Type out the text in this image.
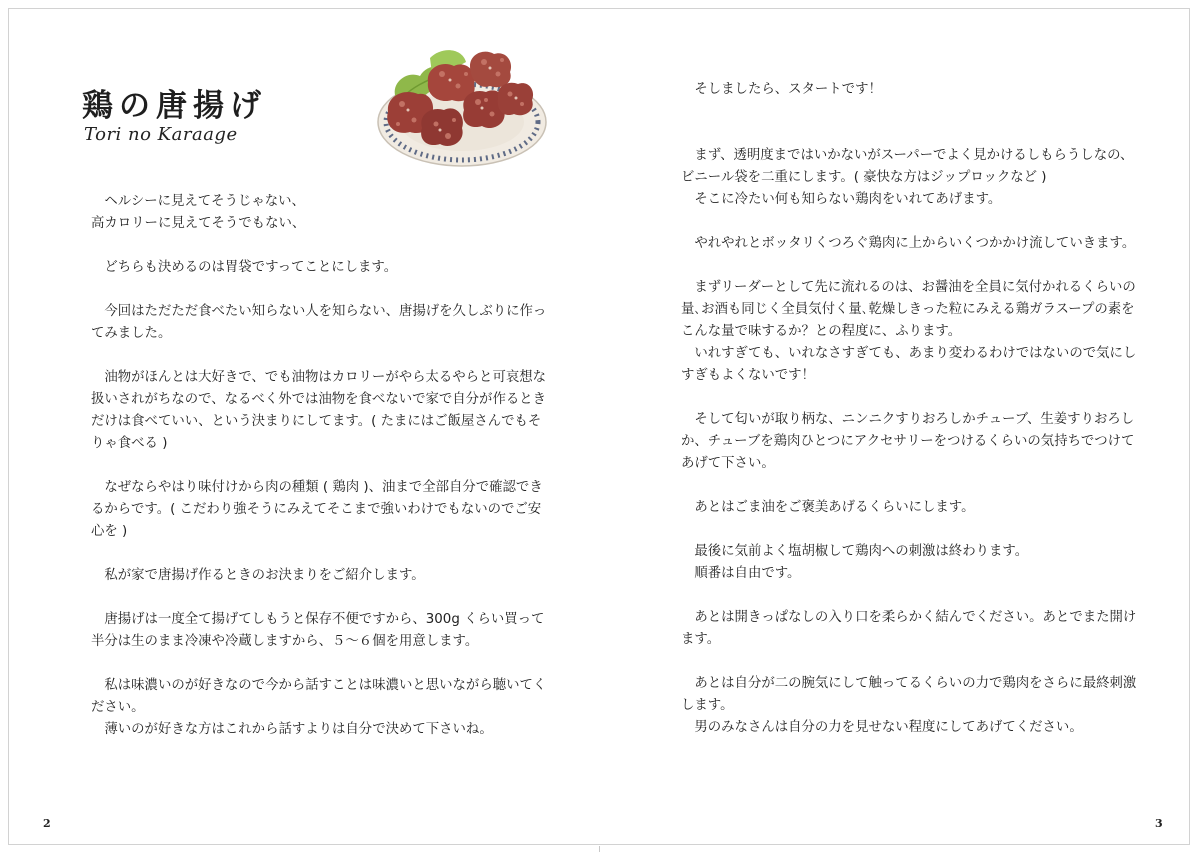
ヘルシーに見えてそうじゃない、
高カロリーに見えてそうでもない、

どちらも決めるのは胃袋ですってことにします。

今回はただただ食べたい知らない人を知らない、唐揚げを久しぶりに作ってみました。

油物がほんとは大好きで、でも油物はカロリーがやら太るやらと可哀想な扱いされがちなので、なるべく外では油物を食べないで家で自分が作るときだけは食べていい、という決まりにしてます。( たまにはご飯屋さんでもそりゃ食べる )

なぜならやはり味付けから肉の種類 ( 鶏肉 )、油まで全部自分で確認できるからです。( こだわり強そうにみえてそこまで強いわけでもないのでご安心を )

私が家で唐揚げ作るときのお決まりをご紹介します。

唐揚げは一度全て揚げてしもうと保存不便ですから、300g くらい買って半分は生のまま冷凍や冷蔵しますから、５～６個を用意します。

私は味濃いのが好きなので今から話すことは味濃いと思いながら聴いてください。

薄いのが好きな方はこれから話すよりは自分で決めて下さいね。

そしましたら、スタートです！

まず、透明度まではいかないがスーパーでよく見かけるしもらうしなの、ビニール袋を二重にします。( 豪快な方はジップロックなど )

そこに冷たい何も知らない鶏肉をいれてあげます。

やれやれとボッタリくつろぐ鶏肉に上からいくつかかけ流していきます。

まずリーダーとして先に流れるのは、お醤油を全員に気付かれるくらいの量､お酒も同じく全員気付く量､乾燥しきった粒にみえる鶏ガラスープの素をこんな量で味するか？との程度に、ふります。

いれすぎても、いれなさすぎても、あまり変わるわけではないので気にしすぎもよくないです！

そして匂いが取り柄な、ニンニクすりおろしかチューブ、生姜すりおろしか、チューブを鶏肉ひとつにアクセサリーをつけるくらいの気持ちでつけてあげて下さい。

あとはごま油をご褒美あげるくらいにします。

最後に気前よく塩胡椒して鶏肉への刺激は終わります。

順番は自由です。

あとは開きっぱなしの入り口を柔らかく結んでください。あとでまた開けます。

あとは自分が二の腕気にして触ってるくらいの力で鶏肉をさらに最終刺激します。

男のみなさんは自分の力を見せない程度にしてあげてください。

2	3
鶏の唐揚げ
Tori no Karaage
